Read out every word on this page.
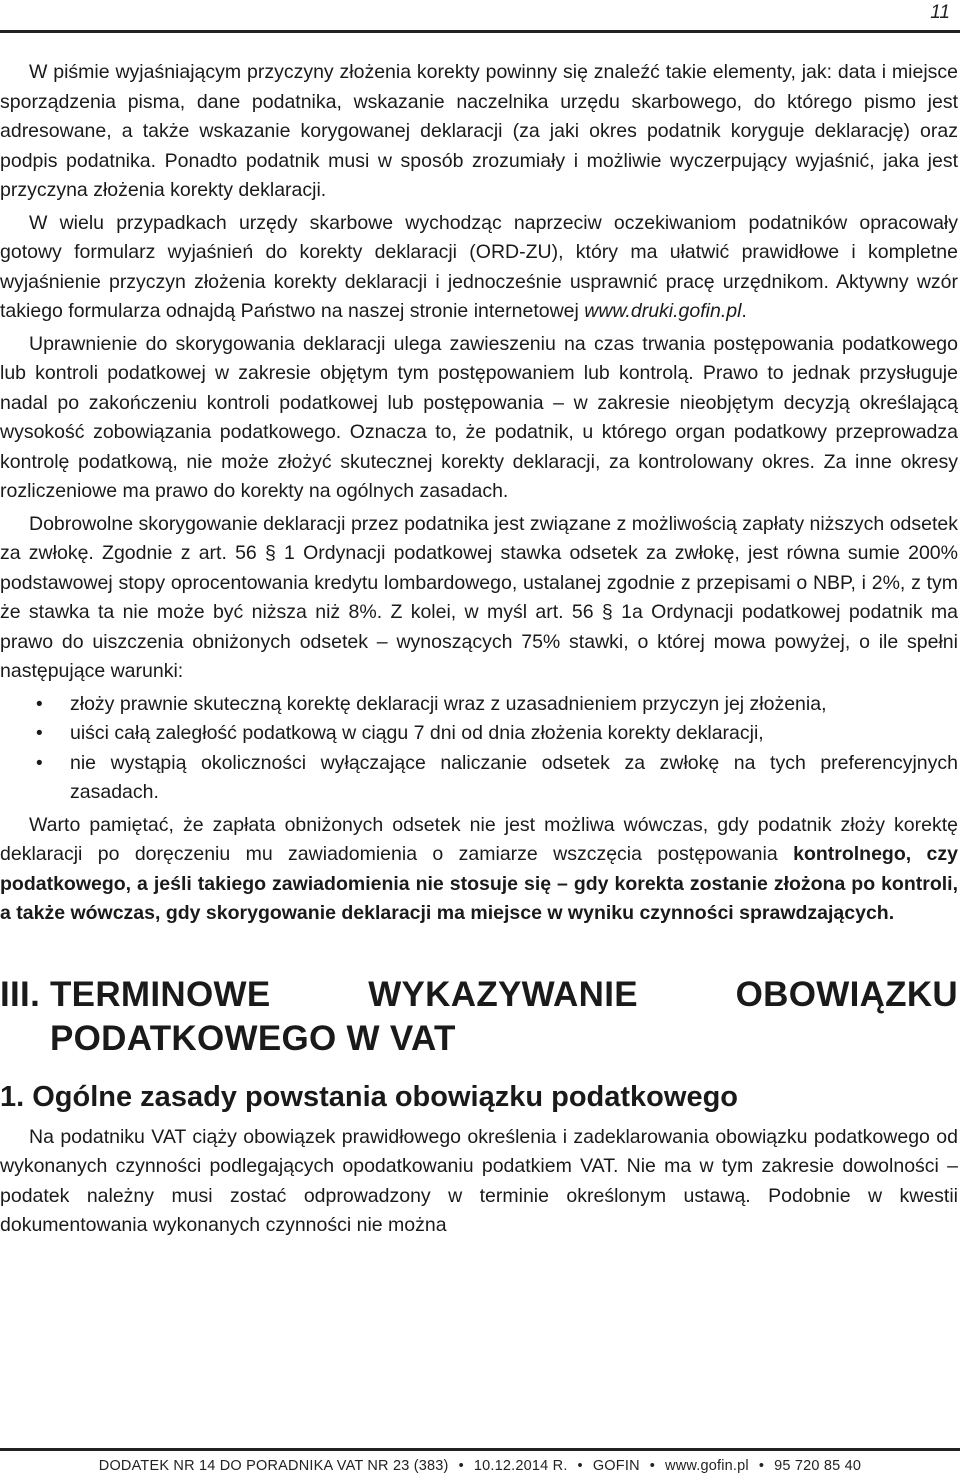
11

W piśmie wyjaśniającym przyczyny złożenia korekty powinny się znaleźć takie elementy, jak: data i miejsce sporządzenia pisma, dane podatnika, wskazanie naczelnika urzędu skarbowego, do którego pismo jest adresowane, a także wskazanie korygowanej deklaracji (za jaki okres podatnik koryguje deklarację) oraz podpis podatnika. Ponadto podatnik musi w sposób zrozumiały i możliwie wyczerpujący wyjaśnić, jaka jest przyczyna złożenia korekty deklaracji.

W wielu przypadkach urzędy skarbowe wychodząc naprzeciw oczekiwaniom podatników opracowały gotowy formularz wyjaśnień do korekty deklaracji (ORD-ZU), który ma ułatwić prawidłowe i kompletne wyjaśnienie przyczyn złożenia korekty deklaracji i jednocześnie usprawnić pracę urzędnikom. Aktywny wzór takiego formularza odnajdą Państwo na naszej stronie internetowej www.druki.gofin.pl.

Uprawnienie do skorygowania deklaracji ulega zawieszeniu na czas trwania postępowania podatkowego lub kontroli podatkowej w zakresie objętym tym postępowaniem lub kontrolą. Prawo to jednak przysługuje nadal po zakończeniu kontroli podatkowej lub postępowania – w zakresie nieobjętym decyzją określającą wysokość zobowiązania podatkowego. Oznacza to, że podatnik, u którego organ podatkowy przeprowadza kontrolę podatkową, nie może złożyć skutecznej korekty deklaracji, za kontrolowany okres. Za inne okresy rozliczeniowe ma prawo do korekty na ogólnych zasadach.

Dobrowolne skorygowanie deklaracji przez podatnika jest związane z możliwością zapłaty niższych odsetek za zwłokę. Zgodnie z art. 56 § 1 Ordynacji podatkowej stawka odsetek za zwłokę, jest równa sumie 200% podstawowej stopy oprocentowania kredytu lombardowego, ustalanej zgodnie z przepisami o NBP, i 2%, z tym że stawka ta nie może być niższa niż 8%. Z kolei, w myśl art. 56 § 1a Ordynacji podatkowej podatnik ma prawo do uiszczenia obniżonych odsetek – wynoszących 75% stawki, o której mowa powyżej, o ile spełni następujące warunki:

• złoży prawnie skuteczną korektę deklaracji wraz z uzasadnieniem przyczyn jej złożenia,
• uiści całą zaległość podatkową w ciągu 7 dni od dnia złożenia korekty deklaracji,
• nie wystąpią okoliczności wyłączające naliczanie odsetek za zwłokę na tych preferencyjnych zasadach.

Warto pamiętać, że zapłata obniżonych odsetek nie jest możliwa wówczas, gdy podatnik złoży korektę deklaracji po doręczeniu mu zawiadomienia o zamiarze wszczęcia postępowania kontrolnego, czy podatkowego, a jeśli takiego zawiadomienia nie stosuje się – gdy korekta zostanie złożona po kontroli, a także wówczas, gdy skorygowanie deklaracji ma miejsce w wyniku czynności sprawdzających.

III. TERMINOWE WYKAZYWANIE OBOWIĄZKU PODATKOWEGO W VAT
1. Ogólne zasady powstania obowiązku podatkowego

Na podatniku VAT ciąży obowiązek prawidłowego określenia i zadeklarowania obowiązku podatkowego od wykonanych czynności podlegających opodatkowaniu podatkiem VAT. Nie ma w tym zakresie dowolności – podatek należny musi zostać odprowadzony w terminie określonym ustawą. Podobnie w kwestii dokumentowania wykonanych czynności nie można

DODATEK NR 14 DO PORADNIKA VAT NR 23 (383) • 10.12.2014 R. • GOFIN • www.gofin.pl • 95 720 85 40
